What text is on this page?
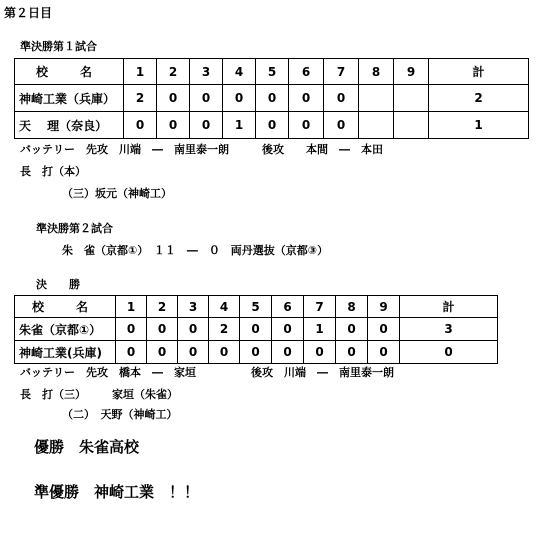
第２日目
準決勝第１試合
校　名	1	2	3	4	5	6	7	8	9	計
神崎工業（兵庫）	2	0	0	0	0	0	0			2
天　 理（奈良）	0	0	0	1	0	0	0			1
バッテリー　先攻　川端　―　南里泰一朗　　　後攻　　本間　―　本田
長　打（本）
（三）坂元（神崎工）
準決勝第２試合
朱　雀（京都①）　１１　―　０　両丹選抜（京都③）
決　　勝
校　名	1	2	3	4	5	6	7	8	9	計
朱雀（京都①）	0	0	0	2	0	0	1	0	0	3
神崎工業(兵庫)	0	0	0	0	0	0	0	0	0	0
バッテリー　先攻　橋本　―　家垣　　　　　後攻　川端　―　南里泰一朗
長　打（三） 家垣（朱雀）
（二）　天野（神崎工）
優勝　朱雀高校
準優勝　神崎工業　！！
